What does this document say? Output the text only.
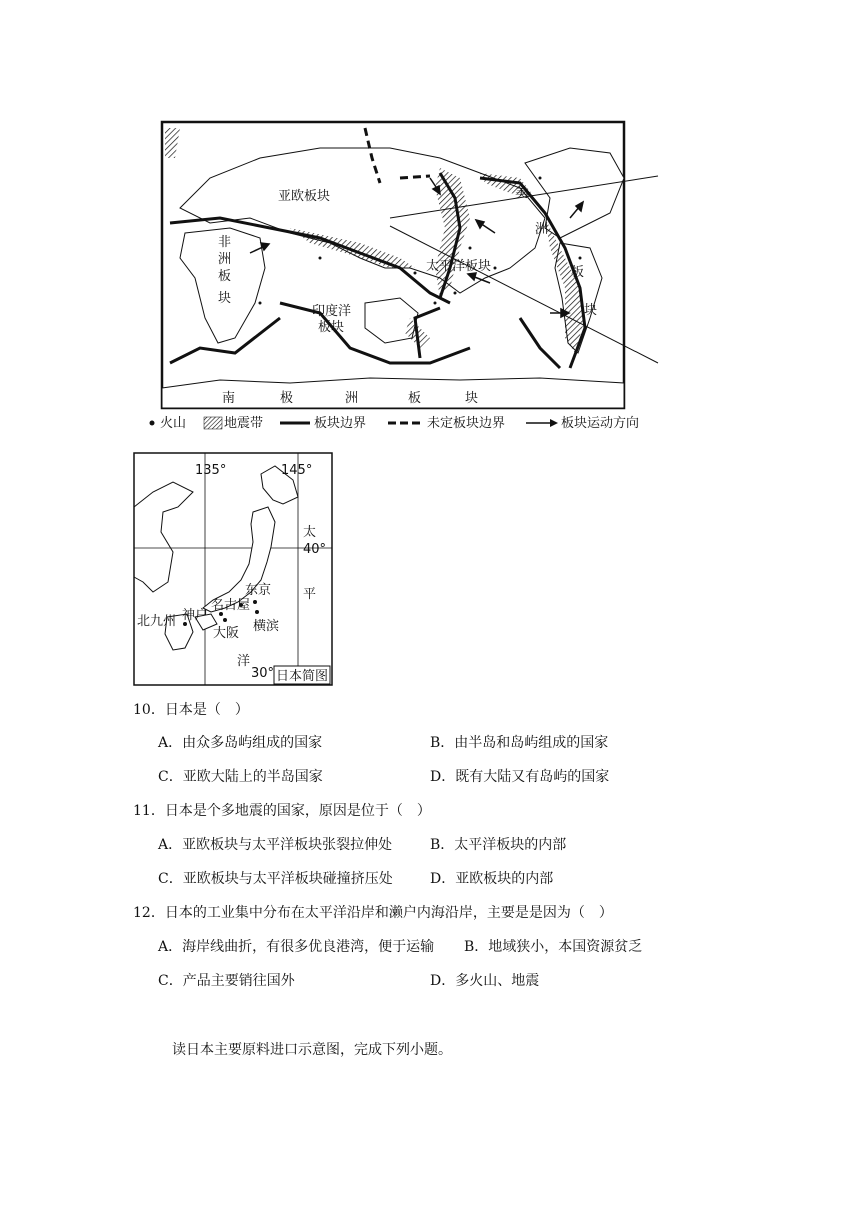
亚欧板块
非
洲
板
块
太平洋板块
印度洋
板块
美
洲
板
块
南	极	洲	板	块
火山	地震带	板块边界	未定板块边界	板块运动方向
135°	145°
太
40°
平
洋
东京
名古屋
神户
大阪 横滨
北九州
30° 日本简图
10．日本是（　）
A．由众多岛屿组成的国家	B．由半岛和岛屿组成的国家
C．亚欧大陆上的半岛国家	D．既有大陆又有岛屿的国家
11．日本是个多地震的国家，原因是位于（　）
A．亚欧板块与太平洋板块张裂拉伸处	B．太平洋板块的内部
C．亚欧板块与太平洋板块碰撞挤压处	D．亚欧板块的内部
12．日本的工业集中分布在太平洋沿岸和濑户内海沿岸，主要是是因为（　）
A．海岸线曲折，有很多优良港湾，便于运输 B．地域狭小，本国资源贫乏
C．产品主要销往国外	D．多火山、地震
读日本主要原料进口示意图，完成下列小题。
